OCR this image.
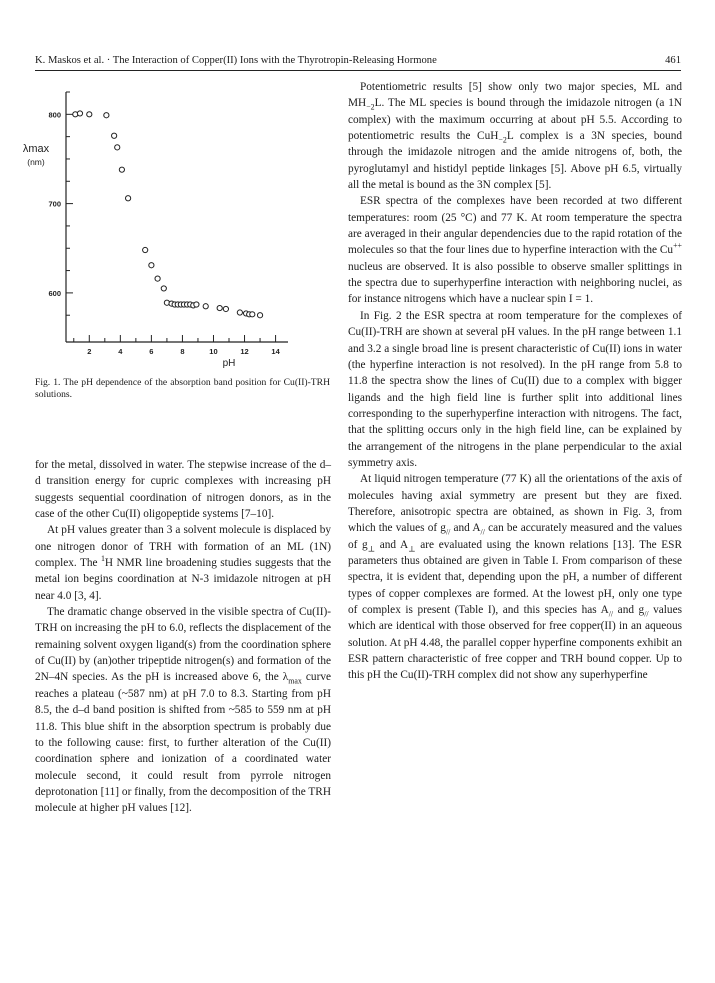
K. Maskos et al. · The Interaction of Copper(II) Ions with the Thyrotropin-Releasing Hormone	461
600
700
800
2	4	6	8	10	12	14
pH
λmax
(nm)
Fig. 1. The pH dependence of the absorption band position for Cu(II)-TRH solutions.

for the metal, dissolved in water. The stepwise increase of the d–d transition energy for cupric complexes with increasing pH suggests sequential coordination of nitrogen donors, as in the case of the other Cu(II) oligopeptide systems [7–10].

At pH values greater than 3 a solvent molecule is displaced by one nitrogen donor of TRH with formation of an ML (1N) complex. The $^1$H NMR line broadening studies suggests that the metal ion begins coordination at N-3 imidazole nitrogen at pH near 4.0 [3, 4].

The dramatic change observed in the visible spectra of Cu(II)-TRH on increasing the pH to 6.0, reflects the displacement of the remaining solvent oxygen ligand(s) from the coordination sphere of Cu(II) by (an)other tripeptide nitrogen(s) and formation of the 2N–4N species. As the pH is increased above 6, the $\lambda_{max}$ curve reaches a plateau (~587 nm) at pH 7.0 to 8.3. Starting from pH 8.5, the d–d band position is shifted from ~585 to 559 nm at pH 11.8. This blue shift in the absorption spectrum is probably due to the following cause: first, to further alteration of the Cu(II) coordination sphere and ionization of a coordinated water molecule second, it could result from pyrrole nitrogen deprotonation [11] or finally, from the decomposition of the TRH molecule at higher pH values [12].

Potentiometric results [5] show only two major species, ML and $MH_{-2}L$. The ML species is bound through the imidazole nitrogen (a 1N complex) with the maximum occurring at about pH 5.5. According to potentiometric results the CuH$_{-2}$L complex is a 3N species, bound through the imidazole nitrogen and the amide nitrogens of, both, the pyroglutamyl and histidyl peptide linkages [5]. Above pH 6.5, virtually all the metal is bound as the 3N complex [5].

ESR spectra of the complexes have been recorded at two different temperatures: room (25 °C) and 77 K. At room temperature the spectra are averaged in their angular dependencies due to the rapid rotation of the molecules so that the four lines due to hyperfine interaction with the Cu++ nucleus are observed. It is also possible to observe smaller splittings in the spectra due to superhyperfine interaction with neighboring nuclei, as for instance nitrogens which have a nuclear spin I = 1.

In Fig. 2 the ESR spectra at room temperature for the complexes of Cu(II)-TRH are shown at several pH values. In the pH range between 1.1 and 3.2 a single broad line is present characteristic of Cu(II) ions in water (the hyperfine interaction is not resolved). In the pH range from 5.8 to 11.8 the spectra show the lines of Cu(II) due to a complex with bigger ligands and the high field line is further split into additional lines corresponding to the superhyperfine interaction with nitrogens. The fact, that the splitting occurs only in the high field line, can be explained by the arrangement of the nitrogens in the plane perpendicular to the axial symmetry axis.

At liquid nitrogen temperature (77 K) all the orientations of the axis of molecules having axial symmetry are present but they are fixed. Therefore, anisotropic spectra are obtained, as shown in Fig. 3, from which the values of $g_{//}$ and $A_{//}$ can be accurately measured and the values of $g_\perp$ and $A_\perp$ are evaluated using the known relations [13]. The ESR parameters thus obtained are given in Table I. From comparison of these spectra, it is evident that, depending upon the pH, a number of different types of copper complexes are formed. At the lowest pH, only one type of complex is present (Table I), and this species has $A_{//}$ and $g_{//}$ values which are identical with those observed for free copper(II) in an aqueous solution. At pH 4.48, the parallel copper hyperfine components exhibit an ESR pattern characteristic of free copper and TRH bound copper. Up to this pH the Cu(II)-TRH complex did not show any superhyperfine
